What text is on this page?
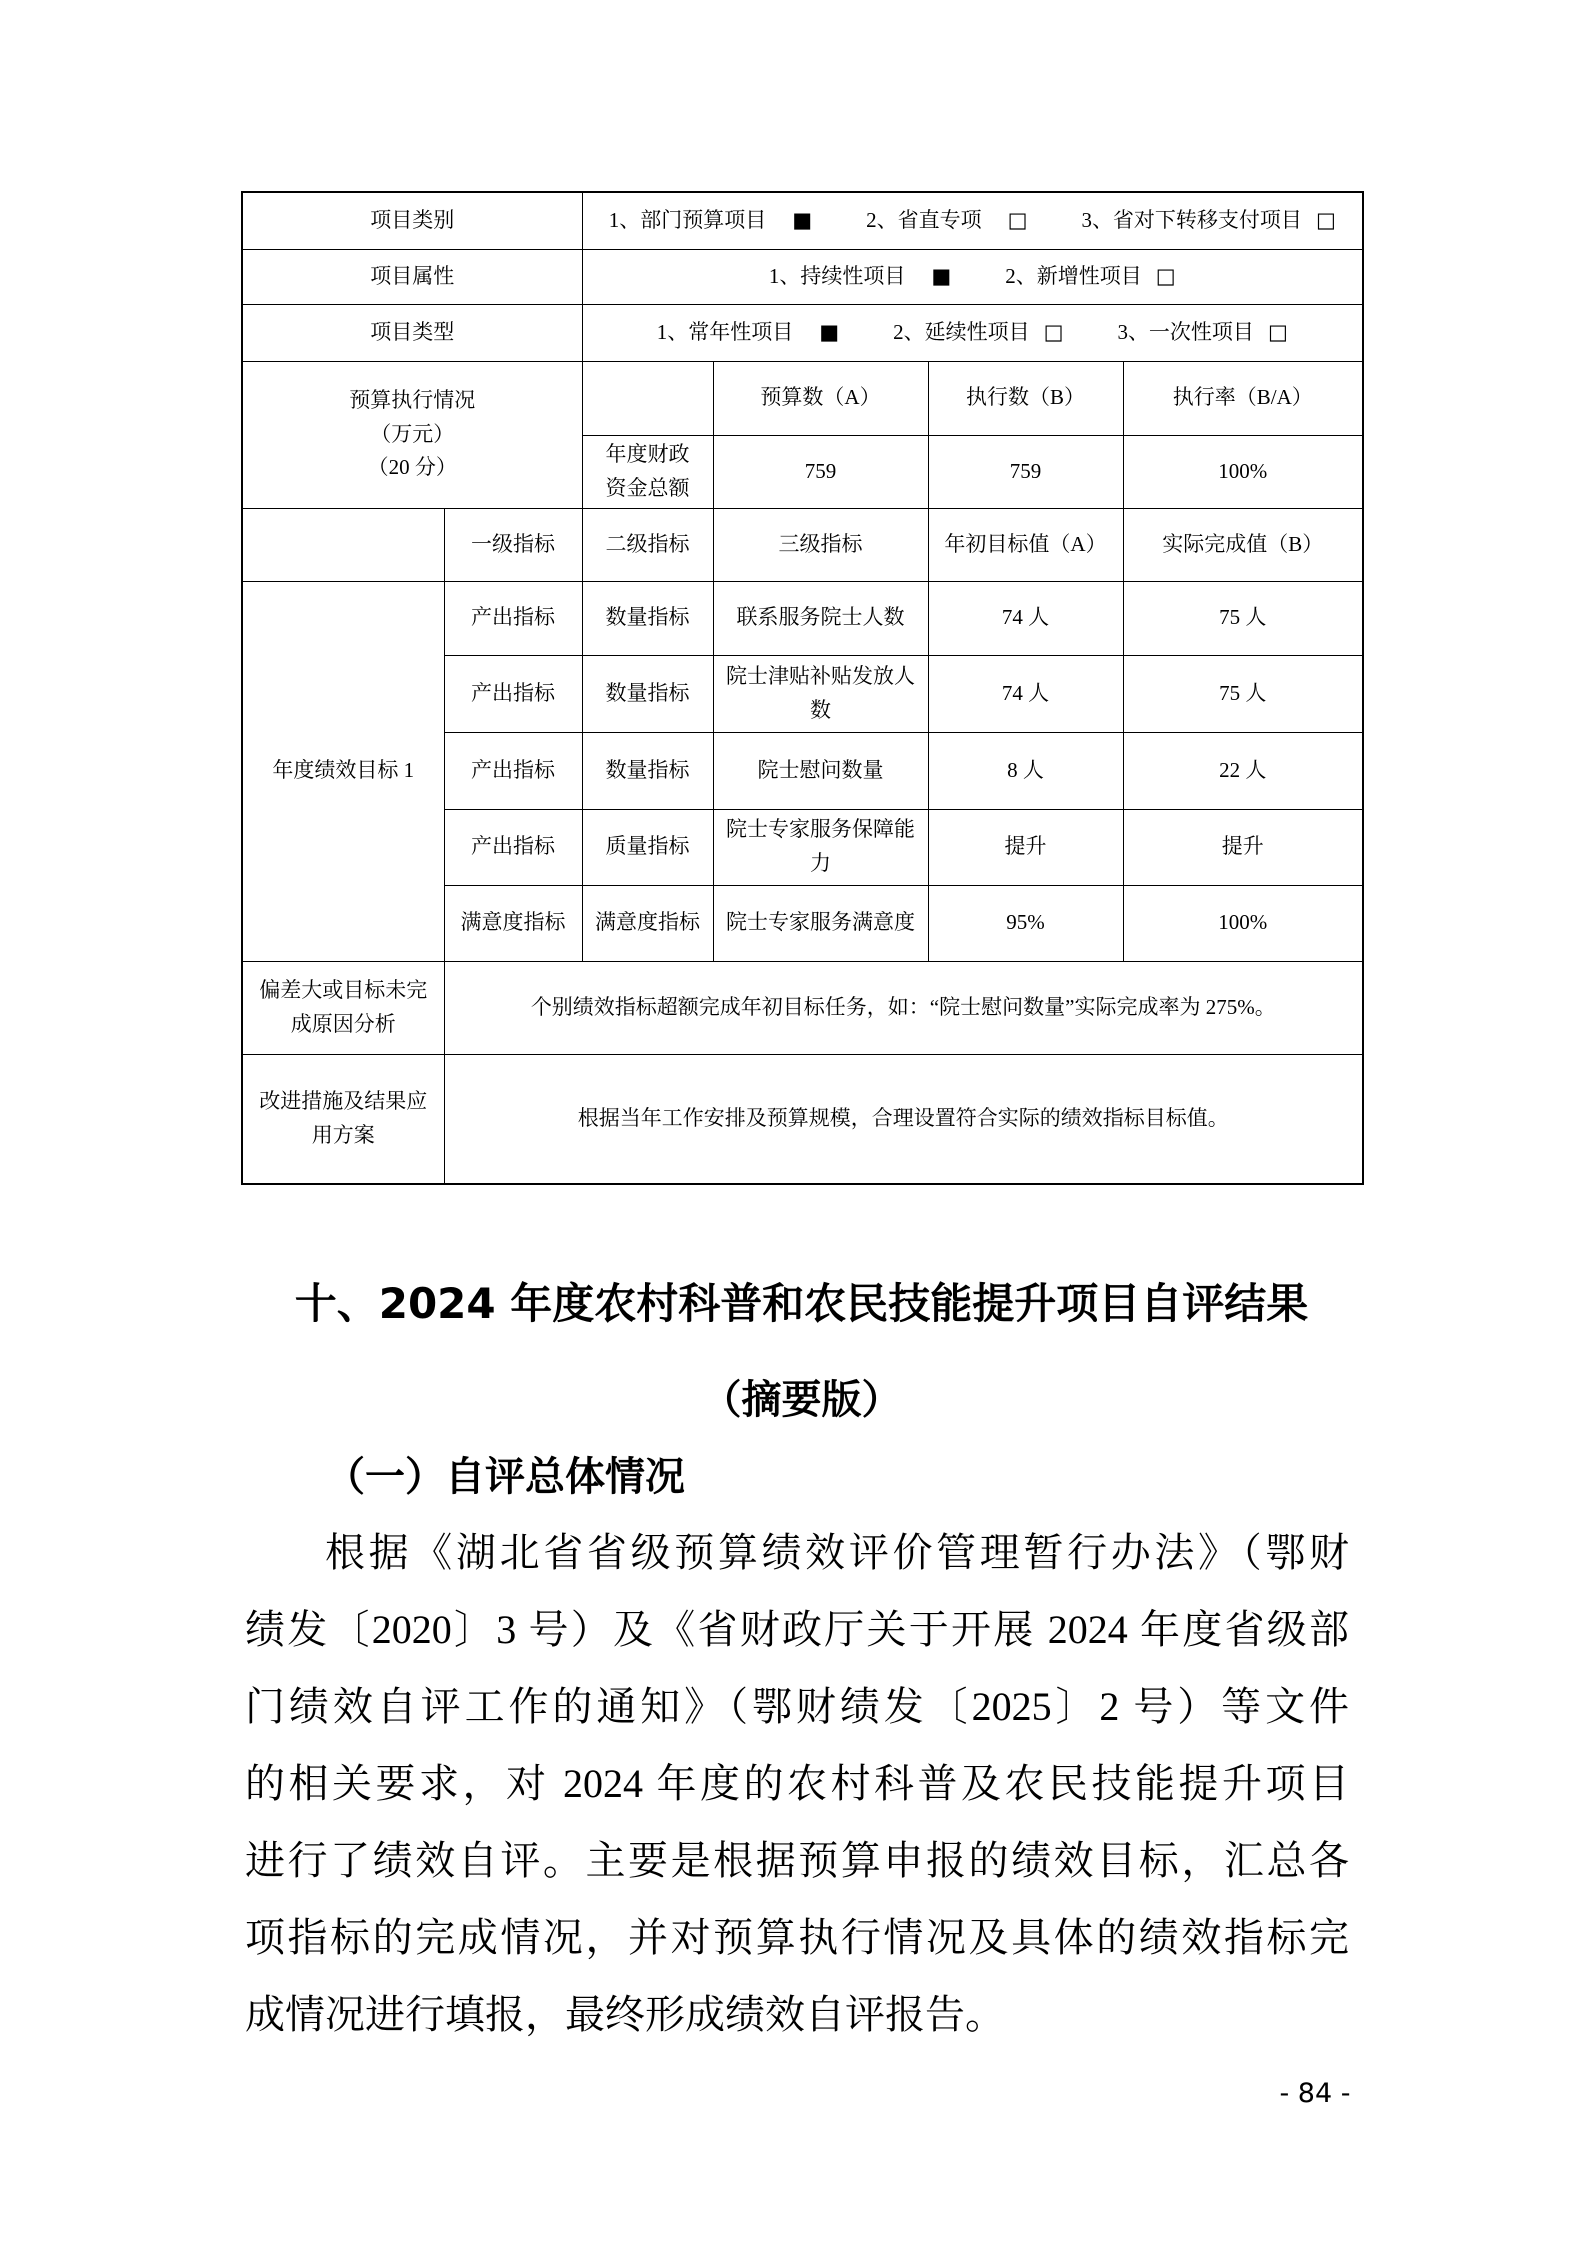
项目类别		1、部门预算项目 ■ 2、省直专项 □ 3、省对下转移支付项目 □			
项目属性		1、持续性项目 ■ 2、新增性项目 □			
项目类型		1、常年性项目 ■ 2、延续性项目 □ 3、一次性项目 □			

预算执行情况
（万元）
（20 分）			预算数（A）	执行数（B）	执行率（B/A）

		年度财政
资金总额	759	759	100%
	一级指标	二级指标	三级指标	年初目标值（A）	实际完成值（B）
年度绩效目标 1	产出指标	数量指标	联系服务院士人数	74 人	75 人
	产出指标	数量指标	院士津贴补贴发放人数	74 人	75 人
	产出指标	数量指标	院士慰问数量	8 人	22 人
	产出指标	质量指标	院士专家服务保障能力	提升	提升
	满意度指标	满意度指标	院士专家服务满意度	95%	100%
偏差大或目标未完成原因分析	个别绩效指标超额完成年初目标任务，如：“院士慰问数量”实际完成率为 275%。				
改进措施及结果应用方案	根据当年工作安排及预算规模，合理设置符合实际的绩效指标目标值。				
十、2024 年度农村科普和农民技能提升项目自评结果
（摘要版）
（一）自评总体情况
根据《湖北省省级预算绩效评价管理暂行办法》（鄂财
绩发〔2020〕3 号）及《省财政厅关于开展 2024 年度省级部
门绩效自评工作的通知》（鄂财绩发〔2025〕2 号）等文件
的相关要求，对 2024 年度的农村科普及农民技能提升项目
进行了绩效自评。主要是根据预算申报的绩效目标，汇总各
项指标的完成情况，并对预算执行情况及具体的绩效指标完
成情况进行填报，最终形成绩效自评报告。
- 84 -
